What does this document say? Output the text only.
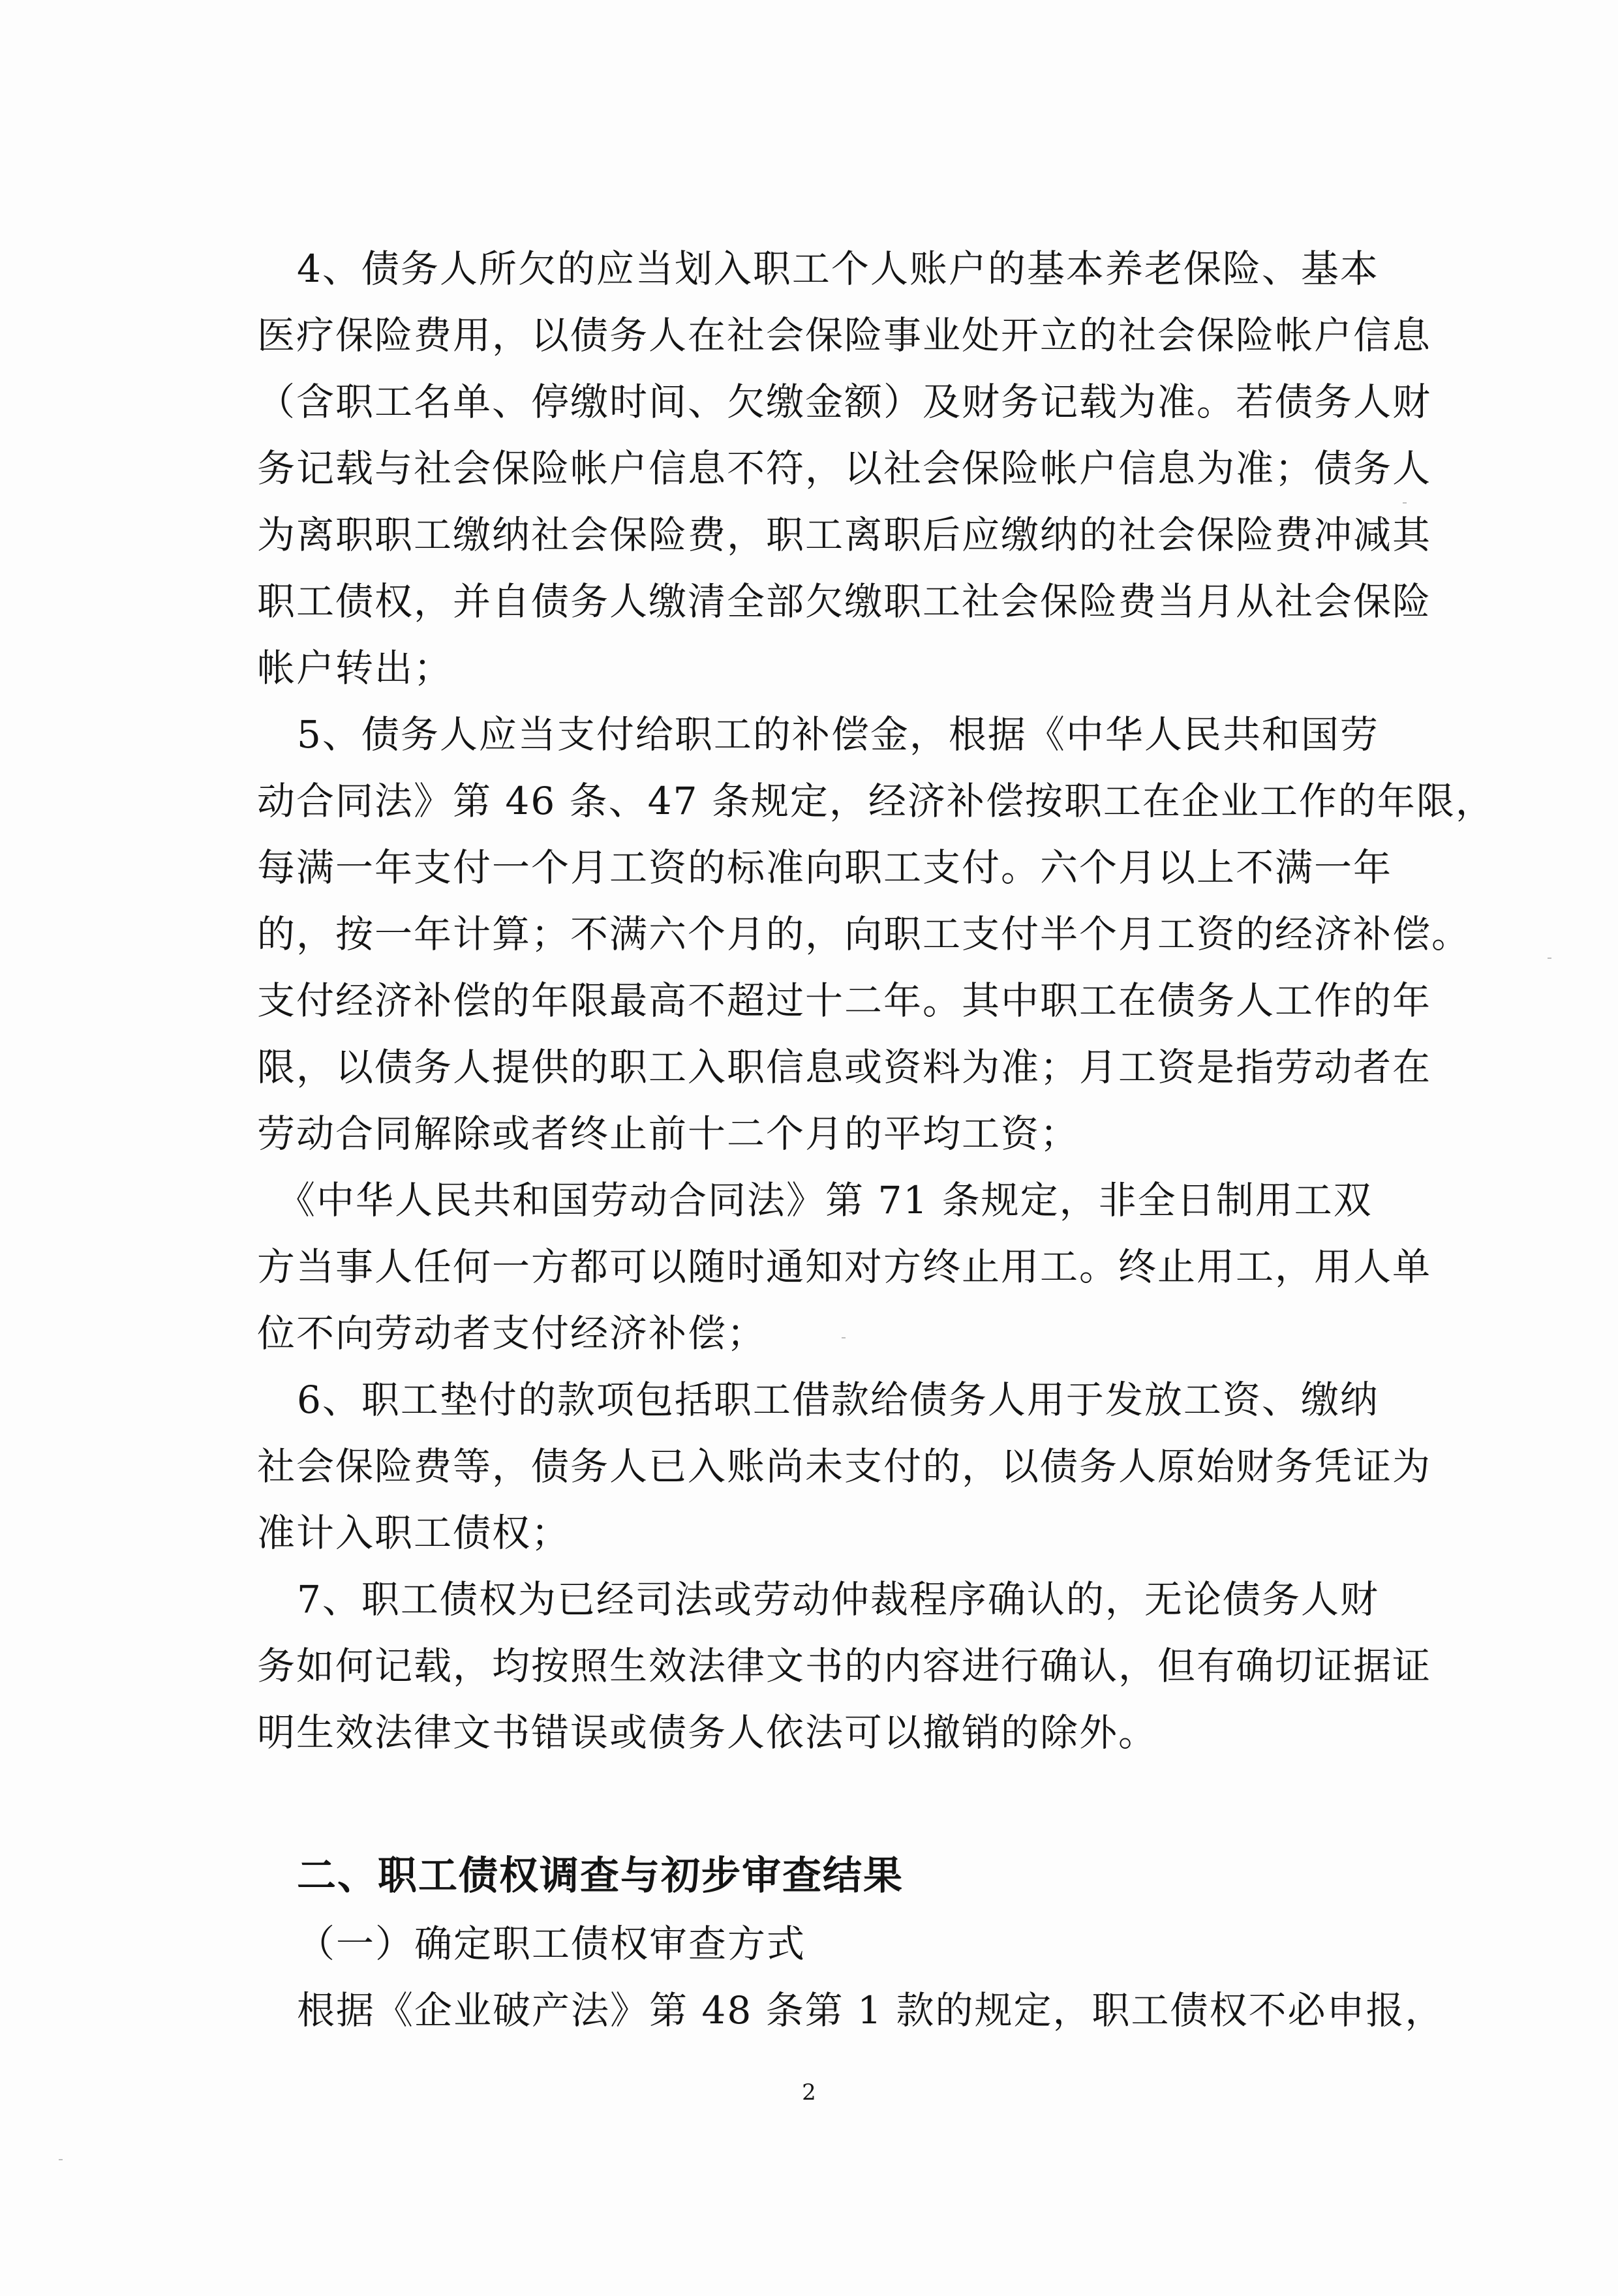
4、债务人所欠的应当划入职工个人账户的基本养老保险、基本
医疗保险费用，以债务人在社会保险事业处开立的社会保险帐户信息
（含职工名单、停缴时间、欠缴金额）及财务记载为准。若债务人财
务记载与社会保险帐户信息不符，以社会保险帐户信息为准；债务人
为离职职工缴纳社会保险费，职工离职后应缴纳的社会保险费冲减其
职工债权，并自债务人缴清全部欠缴职工社会保险费当月从社会保险
帐户转出；
5、债务人应当支付给职工的补偿金，根据《中华人民共和国劳
动合同法》第 46 条、47 条规定，经济补偿按职工在企业工作的年限，
每满一年支付一个月工资的标准向职工支付。六个月以上不满一年
的，按一年计算；不满六个月的，向职工支付半个月工资的经济补偿。
支付经济补偿的年限最高不超过十二年。其中职工在债务人工作的年
限，以债务人提供的职工入职信息或资料为准；月工资是指劳动者在
劳动合同解除或者终止前十二个月的平均工资；
《中华人民共和国劳动合同法》第 71 条规定，非全日制用工双
方当事人任何一方都可以随时通知对方终止用工。终止用工，用人单
位不向劳动者支付经济补偿；
6、职工垫付的款项包括职工借款给债务人用于发放工资、缴纳
社会保险费等，债务人已入账尚未支付的，以债务人原始财务凭证为
准计入职工债权；
7、职工债权为已经司法或劳动仲裁程序确认的，无论债务人财
务如何记载，均按照生效法律文书的内容进行确认，但有确切证据证
明生效法律文书错误或债务人依法可以撤销的除外。
二、职工债权调查与初步审查结果
（一）确定职工债权审查方式
根据《企业破产法》第 48 条第 1 款的规定，职工债权不必申报，
2
